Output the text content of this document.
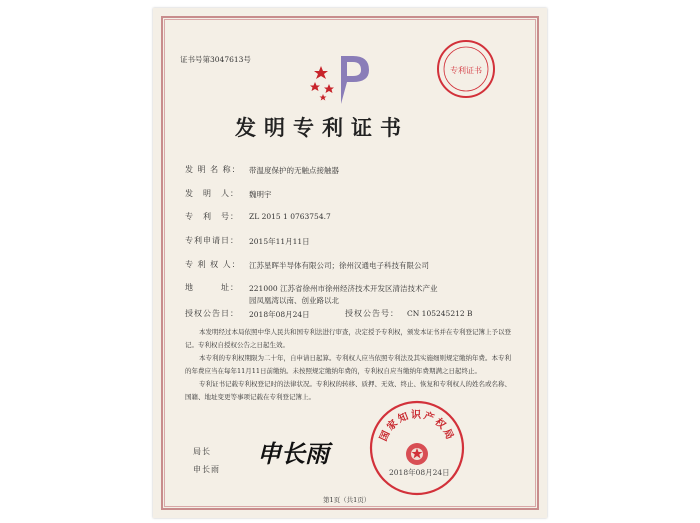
证书号第3047613号
专利证书
发明专利证书
发 明 名 称： 带温度保护的无触点接触器
发　明　人： 魏明宇
专　利　号： ZL 2015 1 0763754.7
专利申请日： 2015年11月11日
专 利 权 人： 江苏星晖半导体有限公司；徐州汉通电子科技有限公司
地　　　址： 221000 江苏省徐州市徐州经济技术开发区清洁技术产业
园凤凰湾以南、创业路以北
授权公告日： 2018年08月24日	授权公告号： CN 105245212 B
本发明经过本局依照中华人民共和国专利法进行审查，决定授予专利权，颁发本证书并在专利登记簿上予以登记。专利权自授权公告之日起生效。
本专利的专利权期限为二十年，自申请日起算。专利权人应当依照专利法及其实施细则规定缴纳年费。本专利的年费应当在每年11月11日前缴纳。未按照规定缴纳年费的，专利权自应当缴纳年费期满之日起终止。
专利证书记载专利权登记时的法律状况。专利权的转移、质押、无效、终止、恢复和专利权人的姓名或名称、国籍、地址变更等事项记载在专利登记簿上。
局长
申长雨
申长雨
国家知识产权局
2018年08月24日
第1页（共1页）
